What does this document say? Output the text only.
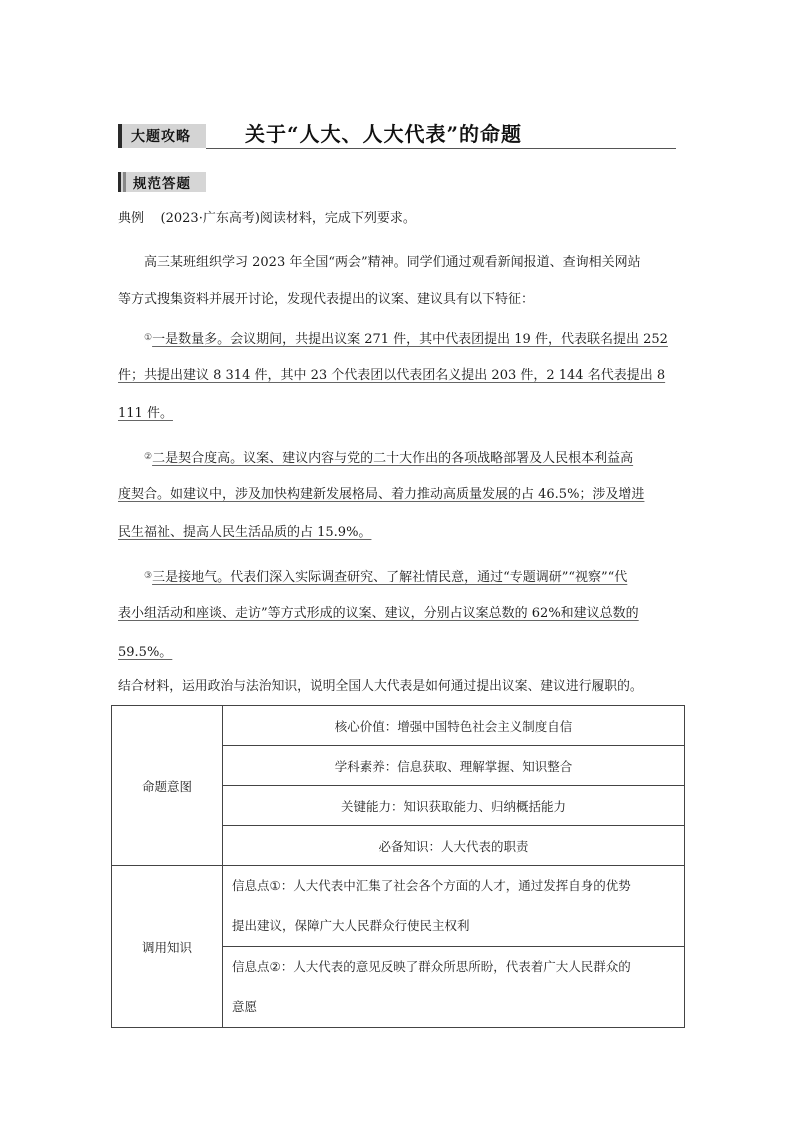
大题攻略	关于“人大、人大代表”的命题
规范答题
典例 (2023·广东高考)阅读材料，完成下列要求。
高三某班组织学习 2023 年全国“两会”精神。同学们通过观看新闻报道、查询相关网站
等方式搜集资料并展开讨论，发现代表提出的议案、建议具有以下特征：
①一是数量多。会议期间，共提出议案 271 件，其中代表团提出 19 件，代表联名提出 252
件；共提出建议 8 314 件，其中 23 个代表团以代表团名义提出 203 件，2 144 名代表提出 8
111 件。
②二是契合度高。议案、建议内容与党的二十大作出的各项战略部署及人民根本利益高
度契合。如建议中，涉及加快构建新发展格局、着力推动高质量发展的占 46.5%；涉及增进
民生福祉、提高人民生活品质的占 15.9%。
③三是接地气。代表们深入实际调查研究、了解社情民意，通过“专题调研”“视察”“代
表小组活动和座谈、走访”等方式形成的议案、建议，分别占议案总数的 62%和建议总数的
59.5%。
结合材料，运用政治与法治知识，说明全国人大代表是如何通过提出议案、建议进行履职的。
命题意图	核心价值：增强中国特色社会主义制度自信
	学科素养：信息获取、理解掌握、知识整合
	关键能力：知识获取能力、归纳概括能力
	必备知识：人大代表的职责
调用知识	信息点①：人大代表中汇集了社会各个方面的人才，通过发挥自身的优势
提出建议，保障广大人民群众行使民主权利

	信息点②：人大代表的意见反映了群众所思所盼，代表着广大人民群众的
意愿
